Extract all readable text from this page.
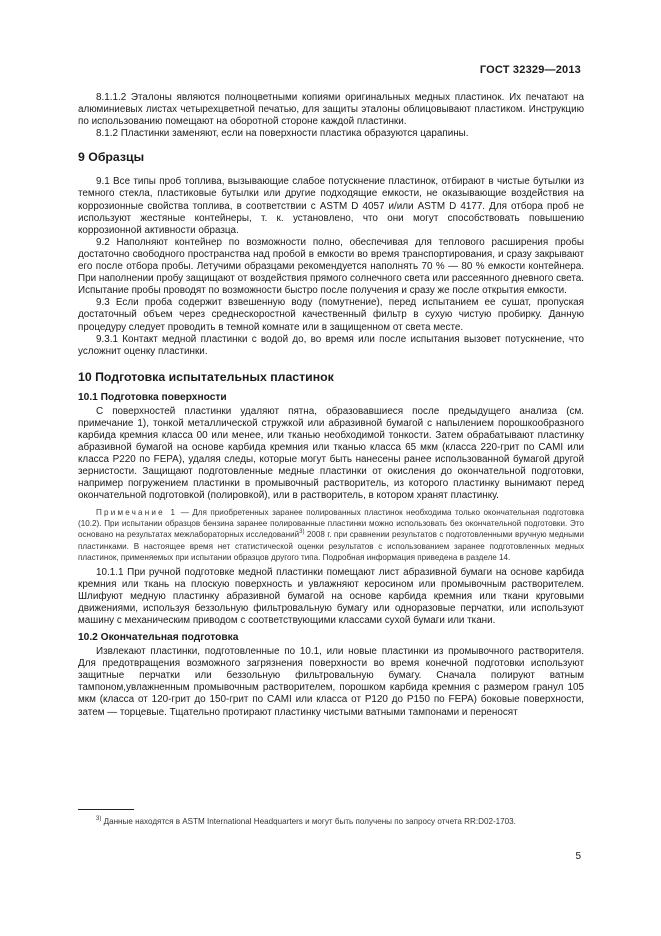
ГОСТ 32329—2013

8.1.1.2 Эталоны являются полноцветными копиями оригинальных медных пластинок. Их печатают на алюминиевых листах четырехцветной печатью, для защиты эталоны облицовывают пластиком. Инструкцию по использованию помещают на оборотной стороне каждой пластинки.

8.1.2 Пластинки заменяют, если на поверхности пластика образуются царапины.

9 Образцы

9.1 Все типы проб топлива, вызывающие слабое потускнение пластинок, отбирают в чистые бутылки из темного стекла, пластиковые бутылки или другие подходящие емкости, не оказывающие воздействия на коррозионные свойства топлива, в соответствии с ASTM D 4057 и/или ASTM D 4177. Для отбора проб не используют жестяные контейнеры, т. к. установлено, что они могут способствовать повышению коррозионной активности образца.

9.2 Наполняют контейнер по возможности полно, обеспечивая для теплового расширения пробы достаточно свободного пространства над пробой в емкости во время транспортирования, и сразу закрывают его после отбора пробы. Летучими образцами рекомендуется наполнять 70 % — 80 % емкости контейнера. При наполнении пробу защищают от воздействия прямого солнечного света или рассеянного дневного света. Испытание пробы проводят по возможности быстро после получения и сразу же после открытия емкости.

9.3 Если проба содержит взвешенную воду (помутнение), перед испытанием ее сушат, пропуская достаточный объем через среднескоростной качественный фильтр в сухую чистую пробирку. Данную процедуру следует проводить в темной комнате или в защищенном от света месте.

9.3.1 Контакт медной пластинки с водой до, во время или после испытания вызовет потускнение, что усложнит оценку пластинки.

10 Подготовка испытательных пластинок
10.1 Подготовка поверхности

С поверхностей пластинки удаляют пятна, образовавшиеся после предыдущего анализа (см. примечание 1), тонкой металлической стружкой или абразивной бумагой с напылением порошкообразного карбида кремния класса 00 или менее, или тканью необходимой тонкости. Затем обрабатывают пластинку абразивной бумагой на основе карбида кремния или тканью класса 65 мкм (класса 220-грит по CAMI или класса P220 по FEPA), удаляя следы, которые могут быть нанесены ранее использованной бумагой другой зернистости. Защищают подготовленные медные пластинки от окисления до окончательной подготовки, например погружением пластинки в промывочный растворитель, из которого пластинку вынимают перед окончательной подготовкой (полировкой), или в растворитель, в котором хранят пластинку.

Примечание 1 — Для приобретенных заранее полированных пластинок необходима только окончательная подготовка (10.2). При испытании образцов бензина заранее полированные пластинки можно использовать без окончательной подготовки. Это основано на результатах межлабораторных исследований$^{3)}$ 2008 г. при сравнении результатов с подготовленными вручную медными пластинками. В настоящее время нет статистической оценки результатов с использованием заранее подготовленных медных пластинок, применяемых при испытании образцов другого типа. Подробная информация приведена в разделе 14.

10.1.1 При ручной подготовке медной пластинки помещают лист абразивной бумаги на основе карбида кремния или ткань на плоскую поверхность и увлажняют керосином или промывочным растворителем. Шлифуют медную пластинку абразивной бумагой на основе карбида кремния или ткани круговыми движениями, используя беззольную фильтровальную бумагу или одноразовые перчатки, или используют машину с механическим приводом с соответствующими классами сухой бумаги или ткани.

10.2 Окончательная подготовка

Извлекают пластинки, подготовленные по 10.1, или новые пластинки из промывочного растворителя. Для предотвращения возможного загрязнения поверхности во время конечной подготовки используют защитные перчатки или беззольную фильтровальную бумагу. Сначала полируют ватным тампоном,увлажненным промывочным растворителем, порошком карбида кремния с размером гранул 105 мкм (класса от 120-грит до 150-грит по CAMI или класса от P120 до P150 по FEPA) боковые поверхности, затем — торцевые. Тщательно протирают пластинку чистыми ватными тампонами и переносят

$^{3)}$ Данные находятся в ASTM International Headquarters и могут быть получены по запросу отчета RR:D02-1703.

5
